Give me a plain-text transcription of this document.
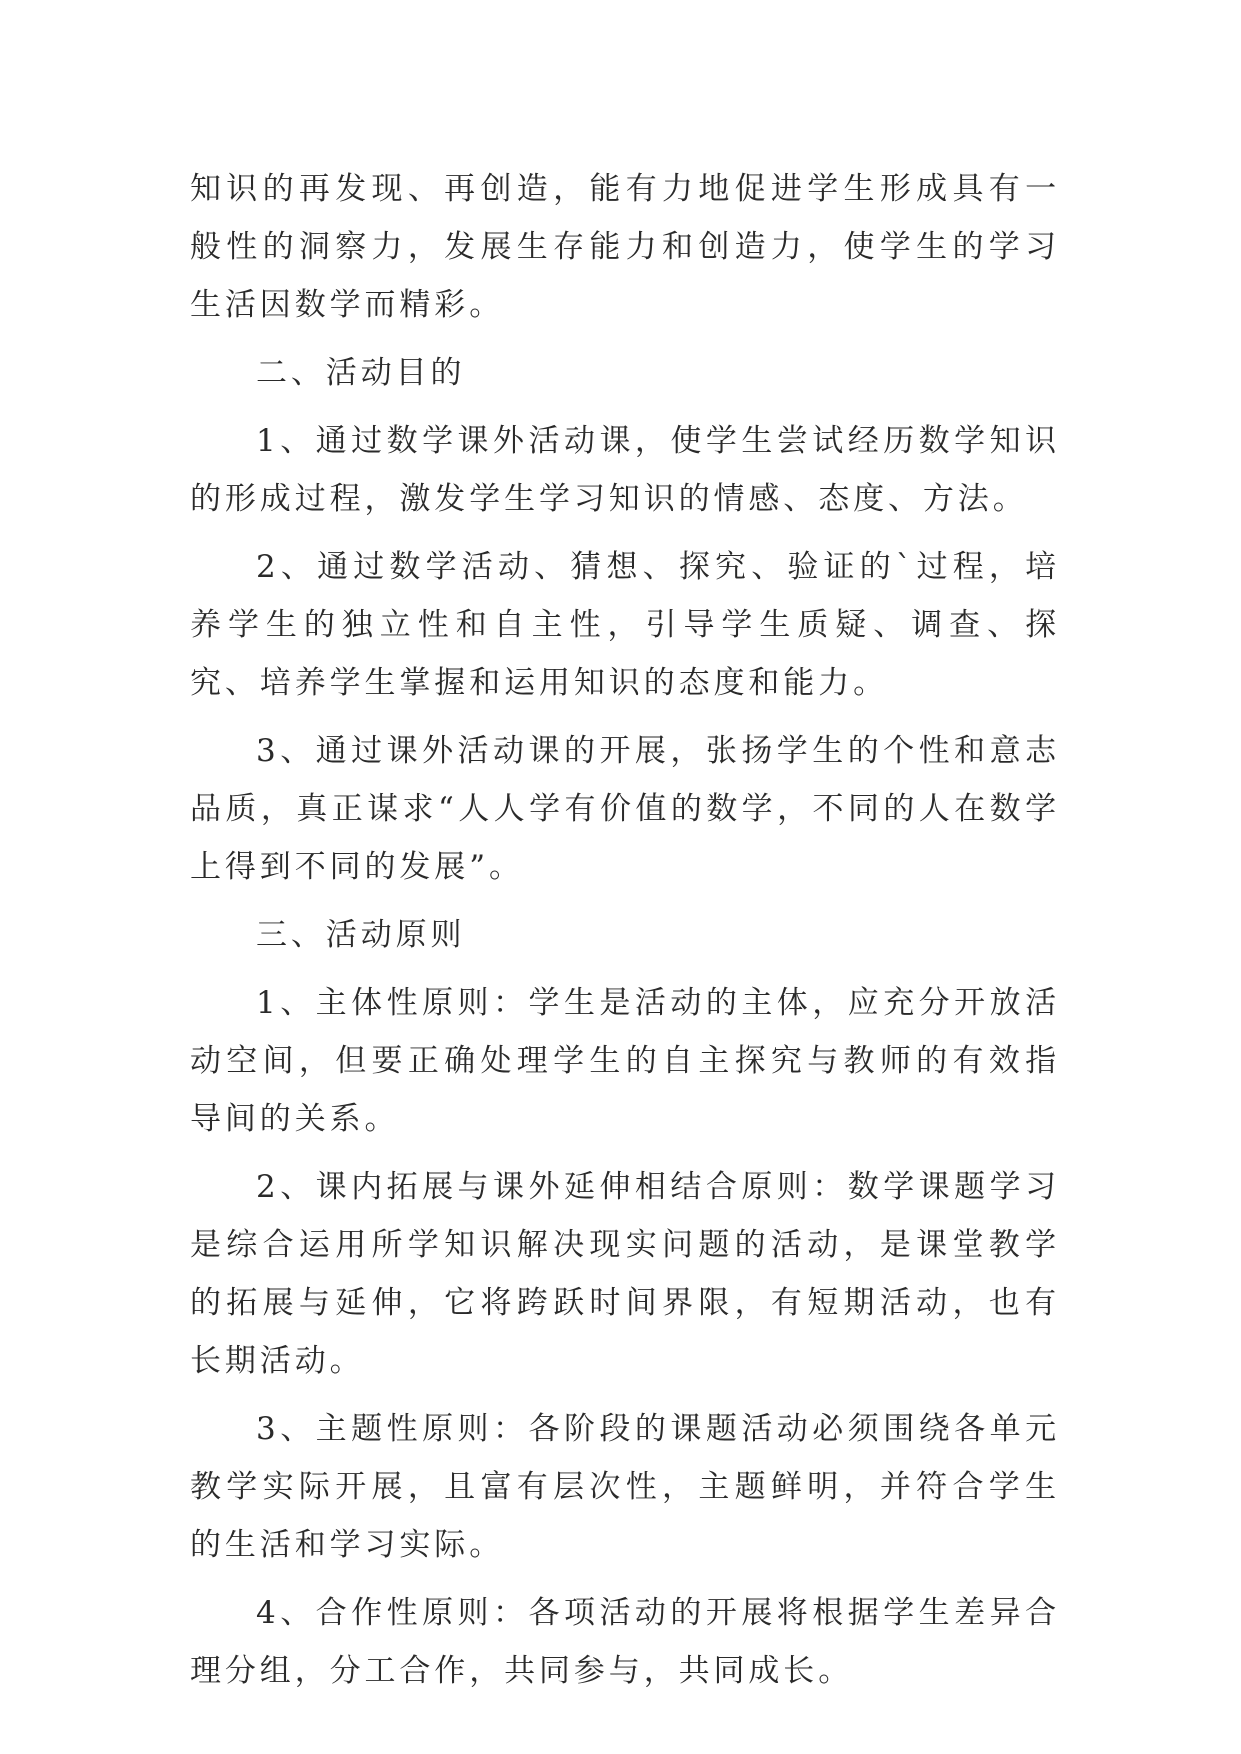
知识的再发现、再创造，能有力地促进学生形成具有一般性的洞察力，发展生存能力和创造力，使学生的学习生活因数学而精彩。

二、活动目的

1、通过数学课外活动课，使学生尝试经历数学知识的形成过程，激发学生学习知识的情感、态度、方法。

2、通过数学活动、猜想、探究、验证的`过程，培养学生的独立性和自主性，引导学生质疑、调查、探究、培养学生掌握和运用知识的态度和能力。

3、通过课外活动课的开展，张扬学生的个性和意志品质，真正谋求“人人学有价值的数学，不同的人在数学上得到不同的发展”。

三、活动原则

1、主体性原则：学生是活动的主体，应充分开放活动空间，但要正确处理学生的自主探究与教师的有效指导间的关系。

2、课内拓展与课外延伸相结合原则：数学课题学习是综合运用所学知识解决现实问题的活动，是课堂教学的拓展与延伸，它将跨跃时间界限，有短期活动，也有长期活动。

3、主题性原则：各阶段的课题活动必须围绕各单元教学实际开展，且富有层次性，主题鲜明，并符合学生的生活和学习实际。

4、合作性原则：各项活动的开展将根据学生差异合理分组，分工合作，共同参与，共同成长。
